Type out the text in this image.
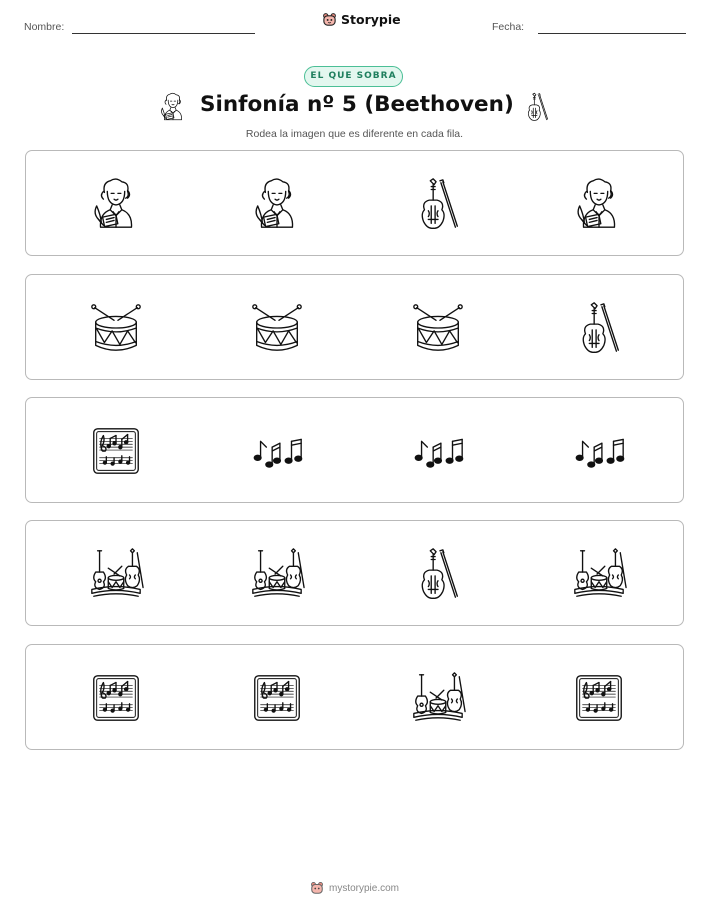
Nombre:	Storypie	Fecha:
EL QUE SOBRA
Sinfonía nº 5 (Beethoven)
Rodea la imagen que es diferente en cada fila.
mystorypie.com
